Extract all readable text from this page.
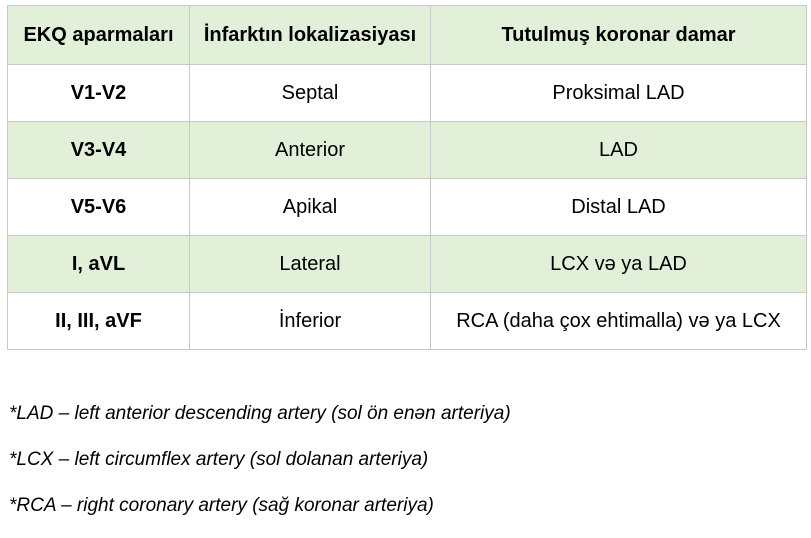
EKQ aparmaları	İnfarktın lokalizasiyası	Tutulmuş koronar damar
V1-V2	Septal	Proksimal LAD
V3-V4	Anterior	LAD
V5-V6	Apikal	Distal LAD
I, aVL	Lateral	LCX və ya LAD
II, III, aVF	İnferior	RCA (daha çox ehtimalla) və ya LCX
*LAD – left anterior descending artery (sol ön enən arteriya)
*LCX – left circumflex artery (sol dolanan arteriya)
*RCA – right coronary artery (sağ koronar arteriya)
